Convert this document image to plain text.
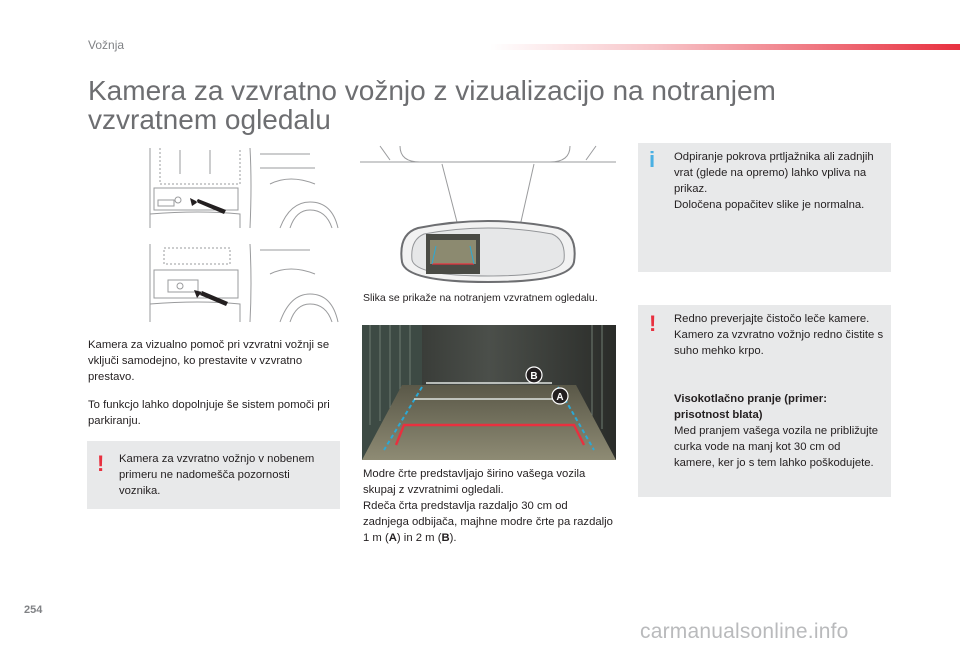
Vožnja
Kamera za vzvratno vožnjo z vizualizacijo na notranjem
vzvratnem ogledalu
Slika se prikaže na notranjem vzvratnem ogledalu.
B
A
Modre črte predstavljajo širino vašega vozila skupaj z vzvratnimi ogledali.
Rdeča črta predstavlja razdaljo 30 cm od zadnjega odbijača, majhne modre črte pa razdaljo 1 m (A) in 2 m (B).
Kamera za vizualno pomoč pri vzvratni vožnji se vključi samodejno, ko prestavite v vzvratno prestavo.
To funkcjo lahko dopolnjuje še sistem pomoči pri parkiranju.
! Kamera za vzvratno vožnjo v nobenem primeru ne nadomešča pozornosti voznika.
i Odpiranje pokrova prtljažnika ali zadnjih vrat (glede na opremo) lahko vpliva na prikaz.
Določena popačitev slike je normalna.
! Redno preverjajte čistočo leče kamere. Kamero za vzvratno vožnjo redno čistite s suho mehko krpo.
Visokotlačno pranje (primer: prisotnost blata)
Med pranjem vašega vozila ne približujte curka vode na manj kot 30 cm od kamere, ker jo s tem lahko poškodujete.
254
carmanualsonline.info
